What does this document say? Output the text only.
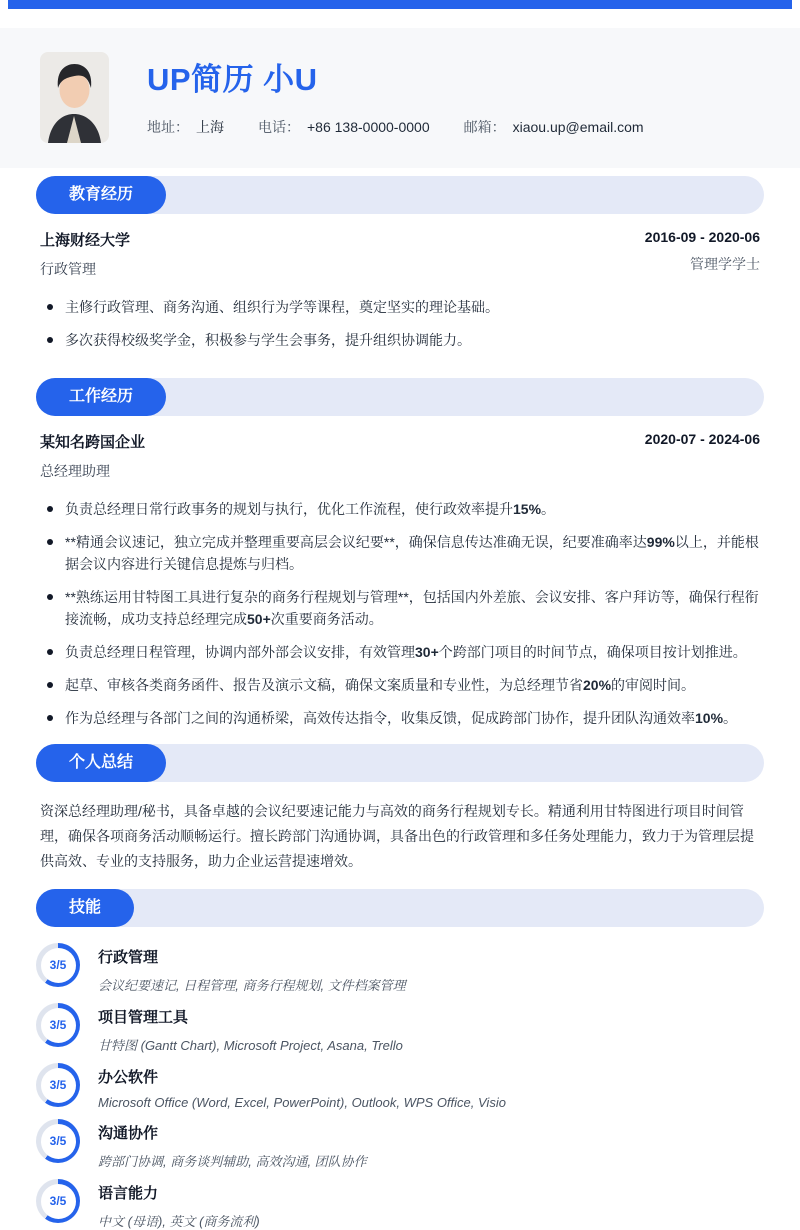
UP简历 小U
地址： 上海 电话： +86 138-0000-0000 邮箱： xiaou.up@email.com
教育经历
上海财经大学
行政管理
2016-09 - 2020-06
管理学学士
主修行政管理、商务沟通、组织行为学等课程，奠定坚实的理论基础。
多次获得校级奖学金，积极参与学生会事务，提升组织协调能力。
工作经历
某知名跨国企业
总经理助理
2020-07 - 2024-06
负责总经理日常行政事务的规划与执行，优化工作流程，使行政效率提升15%。
**精通会议速记，独立完成并整理重要高层会议纪要**，确保信息传达准确无误，纪要准确率达99%以上，并能根据会议内容进行关键信息提炼与归档。
**熟练运用甘特图工具进行复杂的商务行程规划与管理**，包括国内外差旅、会议安排、客户拜访等，确保行程衔接流畅，成功支持总经理完成50+次重要商务活动。
负责总经理日程管理，协调内部外部会议安排，有效管理30+个跨部门项目的时间节点，确保项目按计划推进。
起草、审核各类商务函件、报告及演示文稿，确保文案质量和专业性，为总经理节省20%的审阅时间。
作为总经理与各部门之间的沟通桥梁，高效传达指令，收集反馈，促成跨部门协作，提升团队沟通效率10%。
个人总结

资深总经理助理/秘书，具备卓越的会议纪要速记能力与高效的商务行程规划专长。精通利用甘特图进行项目时间管理，确保各项商务活动顺畅运行。擅长跨部门沟通协调，具备出色的行政管理和多任务处理能力，致力于为管理层提供高效、专业的支持服务，助力企业运营提速增效。

技能
3/5	行政管理
会议纪要速记, 日程管理, 商务行程规划, 文件档案管理
3/5	项目管理工具
甘特图 (Gantt Chart), Microsoft Project, Asana, Trello
3/5	办公软件
Microsoft Office (Word, Excel, PowerPoint), Outlook, WPS Office, Visio
3/5	沟通协作
跨部门协调, 商务谈判辅助, 高效沟通, 团队协作
3/5	语言能力
中文 (母语), 英文 (商务流利)
